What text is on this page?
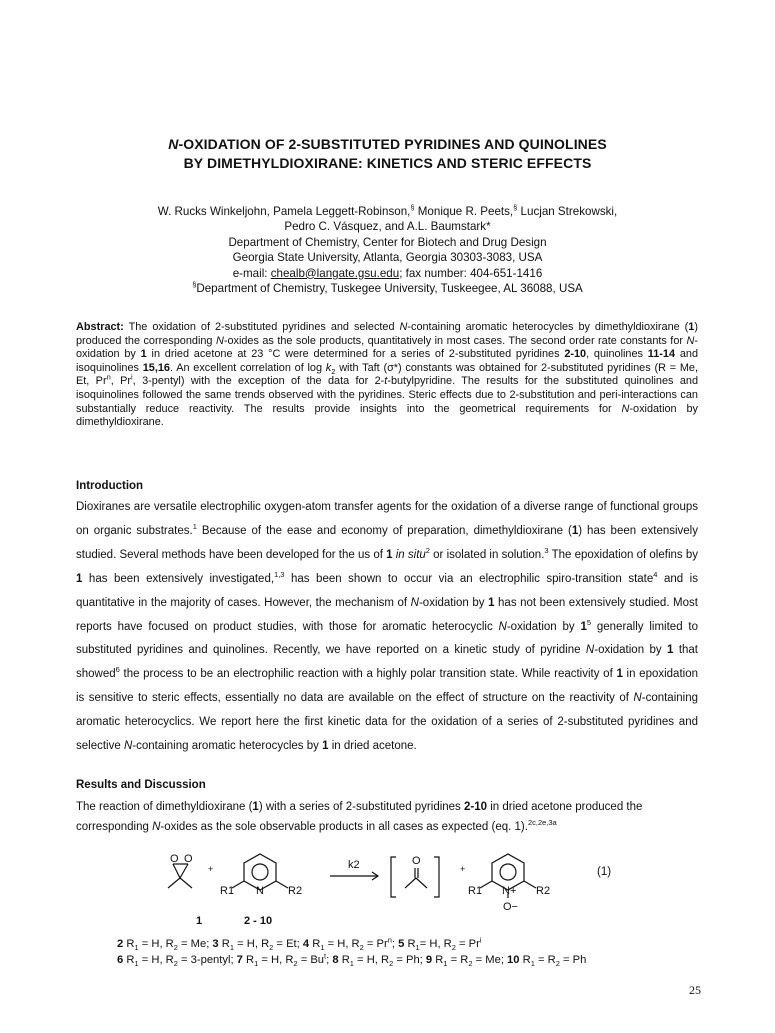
N-OXIDATION OF 2-SUBSTITUTED PYRIDINES AND QUINOLINES
BY DIMETHYLDIOXIRANE: KINETICS AND STERIC EFFECTS
W. Rucks Winkeljohn, Pamela Leggett-Robinson,§ Monique R. Peets,§ Lucjan Strekowski,
Pedro C. Vásquez, and A.L. Baumstark*
Department of Chemistry, Center for Biotech and Drug Design
Georgia State University, Atlanta, Georgia 30303-3083, USA
e-mail: chealb@langate.gsu.edu; fax number: 404-651-1416
§Department of Chemistry, Tuskegee University, Tuskeegee, AL 36088, USA
Abstract: The oxidation of 2-substituted pyridines and selected N-containing aromatic heterocycles by dimethyldioxirane (1) produced the corresponding N-oxides as the sole products, quantitatively in most cases. The second order rate constants for N-oxidation by 1 in dried acetone at 23 °C were determined for a series of 2-substituted pyridines 2-10, quinolines 11-14 and isoquinolines 15,16. An excellent correlation of $\log k_2$ with Taft (σ*) constants was obtained for 2-substituted pyridines (R = Me, Et, Pr$^n$, Pr$^i$, 3-pentyl) with the exception of the data for 2-t-butylpyridine. The results for the substituted quinolines and isoquinolines followed the same trends observed with the pyridines. Steric effects due to 2-substitution and peri-interactions can substantially reduce reactivity. The results provide insights into the geometrical requirements for N-oxidation by dimethyldioxirane.
Introduction
Dioxiranes are versatile electrophilic oxygen-atom transfer agents for the oxidation of a diverse range of functional groups on organic substrates.$^1$ Because of the ease and economy of preparation, dimethyldioxirane (1) has been extensively studied. Several methods have been developed for the us of 1 in situ$^2$ or isolated in solution.$^3$ The epoxidation of olefins by 1 has been extensively investigated,$^{1,3}$ has been shown to occur via an electrophilic spiro-transition state$^4$ and is quantitative in the majority of cases. However, the mechanism of N-oxidation by 1 has not been extensively studied. Most reports have focused on product studies, with those for aromatic heterocyclic N-oxidation by $1^5$ generally limited to substituted pyridines and quinolines. Recently, we have reported on a kinetic study of pyridine N-oxidation by 1 that showed$^6$ the process to be an electrophilic reaction with a highly polar transition state. While reactivity of 1 in epoxidation is sensitive to steric effects, essentially no data are available on the effect of structure on the reactivity of N-containing aromatic heterocyclics. We report here the first kinetic data for the oxidation of a series of 2-substituted pyridines and selective N-containing aromatic heterocycles by 1 in dried acetone.
Results and Discussion
The reaction of dimethyldioxirane (1) with a series of 2-substituted pyridines 2-10 in dried acetone produced the corresponding N-oxides as the sole observable products in all cases as expected (eq. 1).$^{2c,2e,3a}$
O O
+
R1 N R2
k2	O
+
R1 N+ R2
O−
1	2 - 10
(1)
2 $R_1 = H$, $R_2 = Me$; 3 $R_1 = H$, $R_2 = Et$; 4 $R_1 = H$, $R_2 = Pr^n$; 5 $R_1= H$, $R_2 = Pr^i$
6 $R_1 = H$, $R_2$ = 3-pentyl; 7 $R_1 = H$, $R_2 = Bu^t$; 8 $R_1 = H$, $R_2 = Ph$; 9 $R_1 = R_2 = Me$; 10 $R_1 = R_2 = Ph$
25
